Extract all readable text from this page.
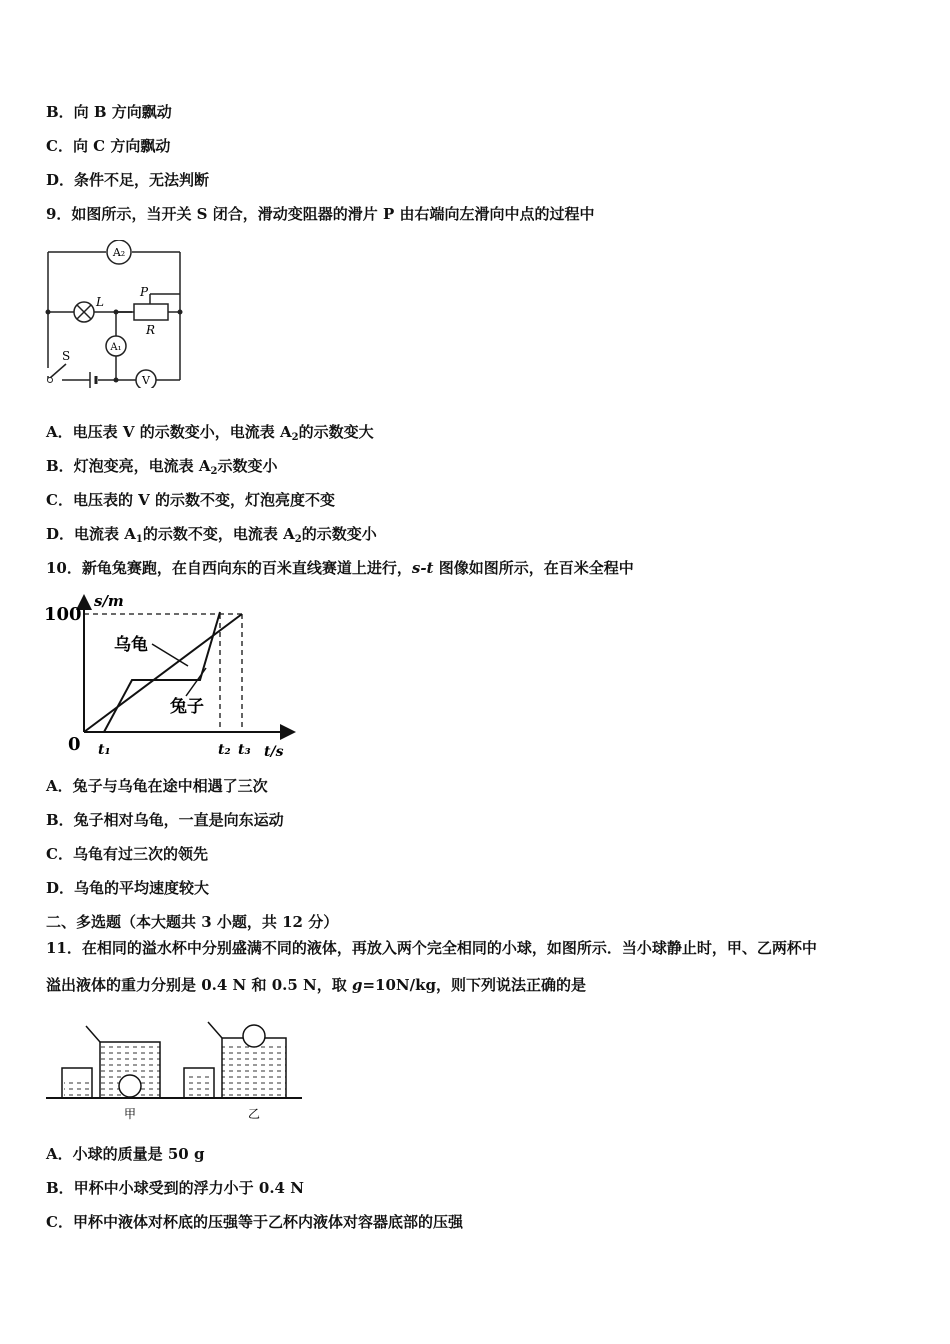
B．向 B 方向飘动
C．向 C 方向飘动
D．条件不足，无法判断
9．如图所示，当开关 S 闭合，滑动变阻器的滑片 P 由右端向左滑向中点的过程中
A₂
L
A₁
V
P
R
S
A．电压表 V 的示数变小，电流表 $A_2$的示数变大
B．灯泡变亮，电流表 $A_2$示数变小
C．电压表的 V 的示数不变，灯泡亮度不变
D．电流表 $A_1$的示数不变，电流表 $A_2$的示数变小
10．新龟兔赛跑，在自西向东的百米直线赛道上进行，s-t 图像如图所示，在百米全程中
100
0
s/m
t/s
t₁	t₂ t₃
乌龟
兔子
A．兔子与乌龟在途中相遇了三次
B．兔子相对乌龟，一直是向东运动
C．乌龟有过三次的领先
D．乌龟的平均速度较大
二、多选题（本大题共 3 小题，共 12 分）
11．在相同的溢水杯中分别盛满不同的液体，再放入两个完全相同的小球，如图所示．当小球静止时，甲、乙两杯中
溢出液体的重力分别是 0.4 N 和 0.5 N，取 g=10N/kg，则下列说法正确的是
甲	乙
A．小球的质量是 50 g
B．甲杯中小球受到的浮力小于 0.4 N
C．甲杯中液体对杯底的压强等于乙杯内液体对容器底部的压强
